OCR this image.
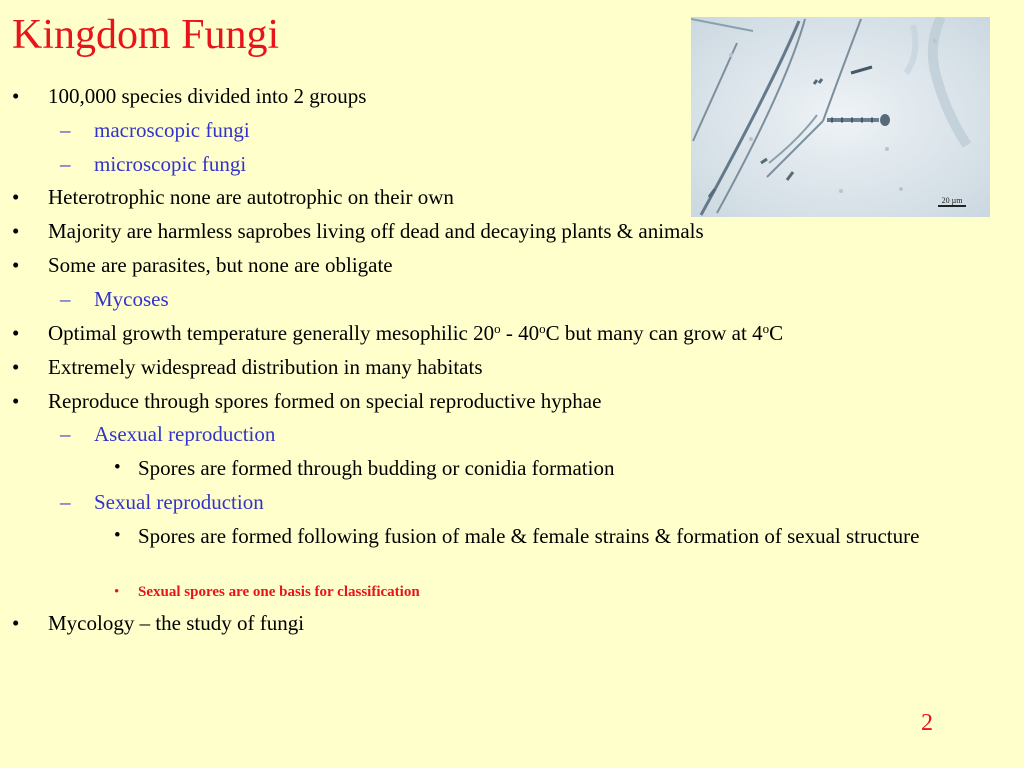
Kingdom Fungi
20 µm
• 100,000 species divided into 2 groups
– macroscopic fungi
– microscopic fungi
• Heterotrophic none are autotrophic on their own
• Majority are harmless saprobes living off dead and decaying plants & animals
• Some are parasites, but none are obligate
– Mycoses
• Optimal growth temperature generally mesophilic 20$^o$ - 40$^o$C but many can grow at 4$^o$C
• Extremely widespread distribution in many habitats
• Reproduce through spores formed on special reproductive hyphae
– Asexual reproduction
• Spores are formed through budding or conidia formation
– Sexual reproduction
• Spores are formed following fusion of male & female strains & formation of sexual structure
• Sexual spores are one basis for classification
• Mycology – the study of fungi
2
